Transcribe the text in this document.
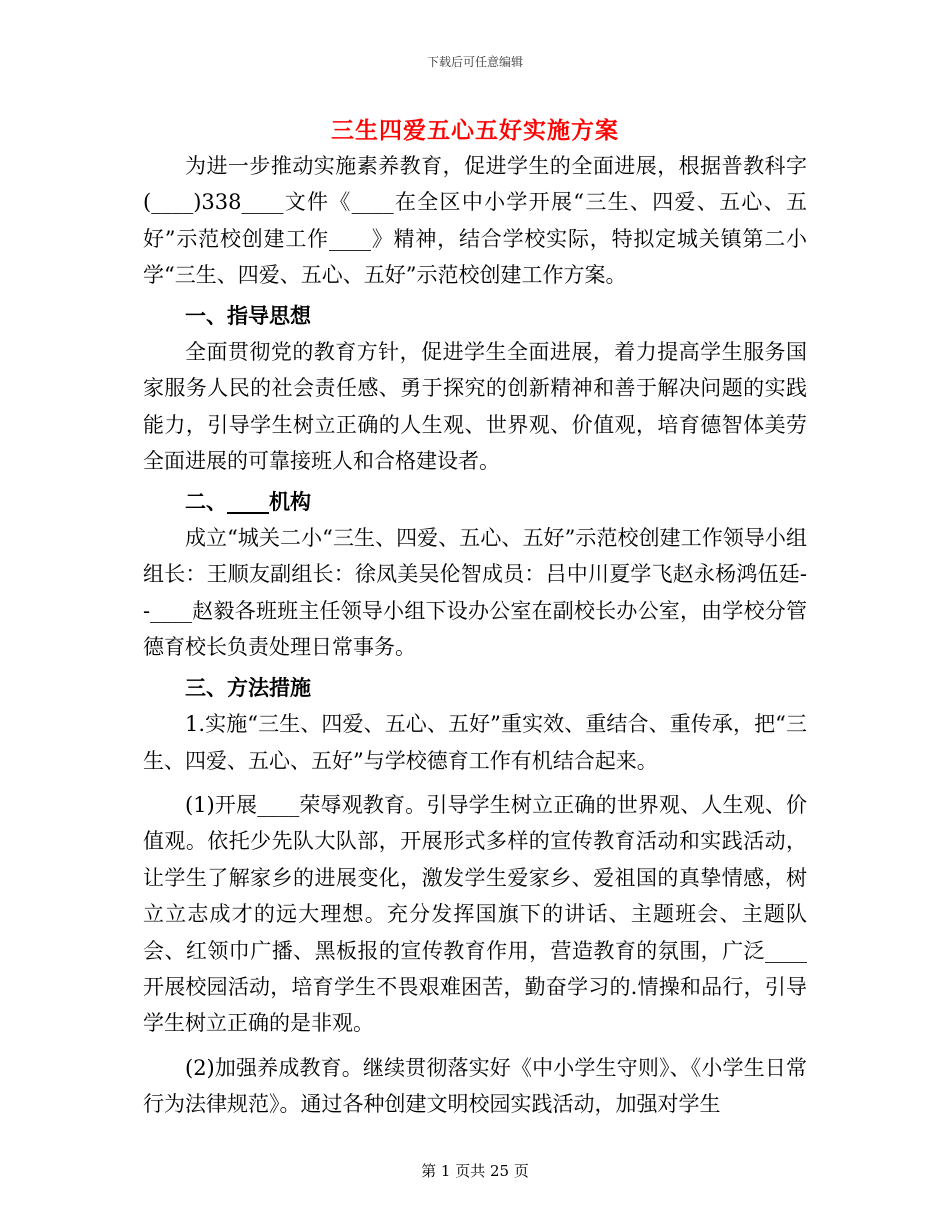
下载后可任意编辑
三生四爱五心五好实施方案

为进一步推动实施素养教育，促进学生的全面进展，根据普教科字(____)338____文件《____在全区中小学开展“三生、四爱、五心、五好”示范校创建工作____》精神，结合学校实际，特拟定城关镇第二小学“三生、四爱、五心、五好”示范校创建工作方案。

一、指导思想

全面贯彻党的教育方针，促进学生全面进展，着力提高学生服务国家服务人民的社会责任感、勇于探究的创新精神和善于解决问题的实践能力，引导学生树立正确的人生观、世界观、价值观，培育德智体美劳全面进展的可靠接班人和合格建设者。

二、____机构

成立“城关二小“三生、四爱、五心、五好”示范校创建工作领导小组组长：王顺友副组长：徐凤美吴伦智成员：吕中川夏学飞赵永杨鸿伍廷--____赵毅各班班主任领导小组下设办公室在副校长办公室，由学校分管德育校长负责处理日常事务。

三、方法措施

1.实施“三生、四爱、五心、五好”重实效、重结合、重传承，把“三生、四爱、五心、五好”与学校德育工作有机结合起来。

(1)开展____荣辱观教育。引导学生树立正确的世界观、人生观、价值观。依托少先队大队部，开展形式多样的宣传教育活动和实践活动，让学生了解家乡的进展变化，激发学生爱家乡、爱祖国的真挚情感，树立立志成才的远大理想。充分发挥国旗下的讲话、主题班会、主题队会、红领巾广播、黑板报的宣传教育作用，营造教育的氛围，广泛____开展校园活动，培育学生不畏艰难困苦，勤奋学习的.情操和品行，引导学生树立正确的是非观。

(2)加强养成教育。继续贯彻落实好《中小学生守则》、《小学生日常行为法律规范》。通过各种创建文明校园实践活动，加强对学生

第 1 页共 25 页
